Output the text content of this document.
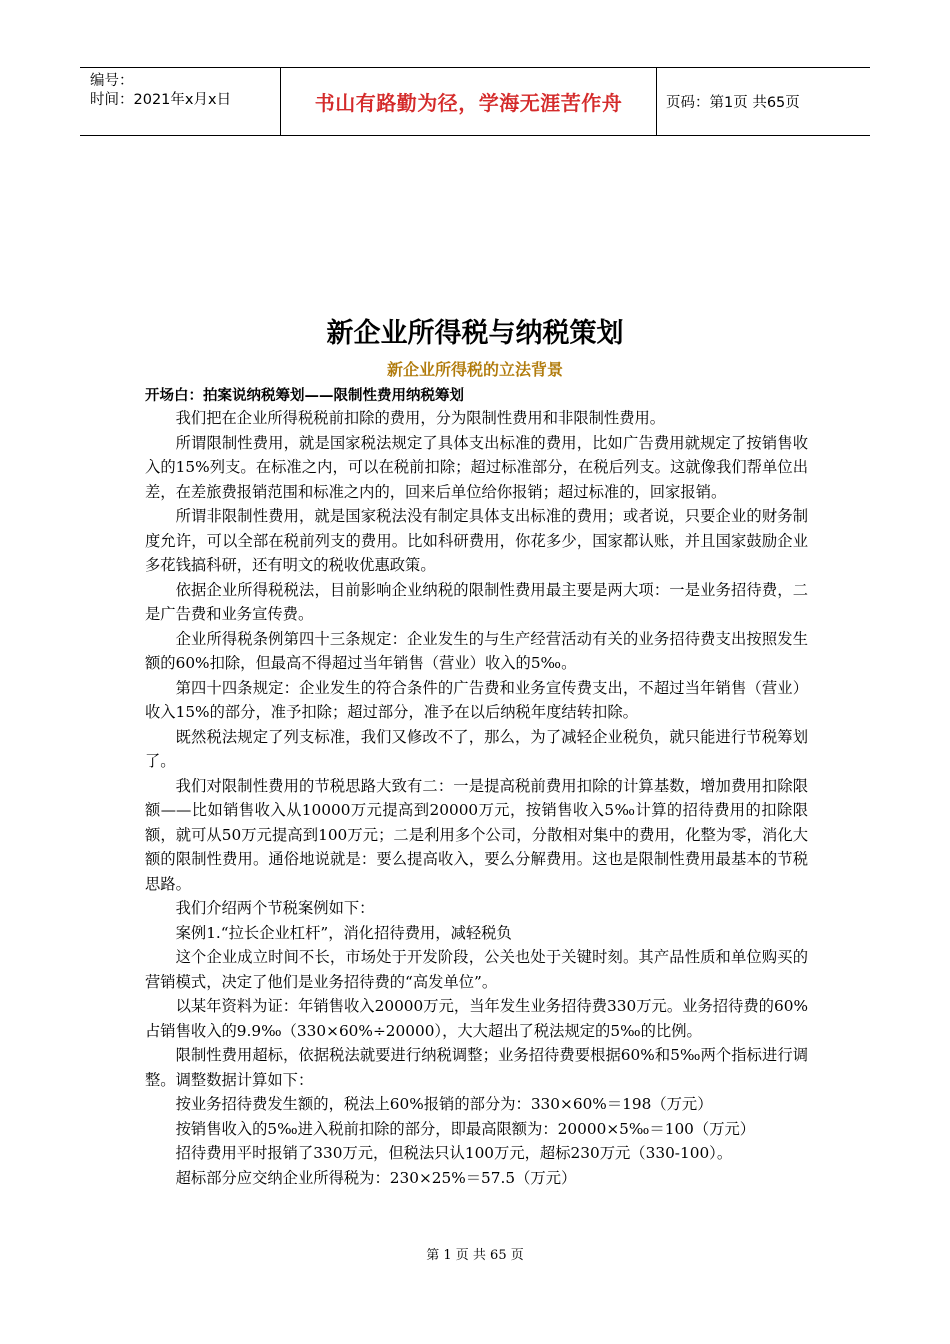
编号：
时间：2021年x月x日	书山有路勤为径，学海无涯苦作舟	页码：第1页 共65页
新企业所得税与纳税策划
新企业所得税的立法背景
开场白：拍案说纳税筹划——限制性费用纳税筹划

我们把在企业所得税税前扣除的费用，分为限制性费用和非限制性费用。

所谓限制性费用，就是国家税法规定了具体支出标准的费用，比如广告费用就规定了按销售收入的15%列支。在标准之内，可以在税前扣除；超过标准部分，在税后列支。这就像我们帮单位出差，在差旅费报销范围和标准之内的，回来后单位给你报销；超过标准的，回家报销。

所谓非限制性费用，就是国家税法没有制定具体支出标准的费用；或者说，只要企业的财务制度允许，可以全部在税前列支的费用。比如科研费用，你花多少，国家都认账，并且国家鼓励企业多花钱搞科研，还有明文的税收优惠政策。

依据企业所得税税法，目前影响企业纳税的限制性费用最主要是两大项：一是业务招待费，二是广告费和业务宣传费。

企业所得税条例第四十三条规定：企业发生的与生产经营活动有关的业务招待费支出按照发生额的60%扣除，但最高不得超过当年销售（营业）收入的5‰。

第四十四条规定：企业发生的符合条件的广告费和业务宣传费支出，不超过当年销售（营业）收入15%的部分，准予扣除；超过部分，准予在以后纳税年度结转扣除。

既然税法规定了列支标准，我们又修改不了，那么，为了减轻企业税负，就只能进行节税筹划了。

我们对限制性费用的节税思路大致有二：一是提高税前费用扣除的计算基数，增加费用扣除限额——比如销售收入从10000万元提高到20000万元，按销售收入5‰计算的招待费用的扣除限额，就可从50万元提高到100万元；二是利用多个公司，分散相对集中的费用，化整为零，消化大额的限制性费用。通俗地说就是：要么提高收入，要么分解费用。这也是限制性费用最基本的节税思路。

我们介绍两个节税案例如下：

案例1.“拉长企业杠杆”，消化招待费用，减轻税负

这个企业成立时间不长，市场处于开发阶段，公关也处于关键时刻。其产品性质和单位购买的营销模式，决定了他们是业务招待费的“高发单位”。

以某年资料为证：年销售收入20000万元，当年发生业务招待费330万元。业务招待费的60%占销售收入的9.9‰（330×60%÷20000），大大超出了税法规定的5‰的比例。

限制性费用超标，依据税法就要进行纳税调整；业务招待费要根据60%和5‰两个指标进行调整。调整数据计算如下：

按业务招待费发生额的，税法上60%报销的部分为：330×60%＝198（万元）

按销售收入的5‰进入税前扣除的部分，即最高限额为：20000×5‰＝100（万元）

招待费用平时报销了330万元，但税法只认100万元，超标230万元（330-100）。

超标部分应交纳企业所得税为：230×25%＝57.5（万元）

第 1 页 共 65 页
